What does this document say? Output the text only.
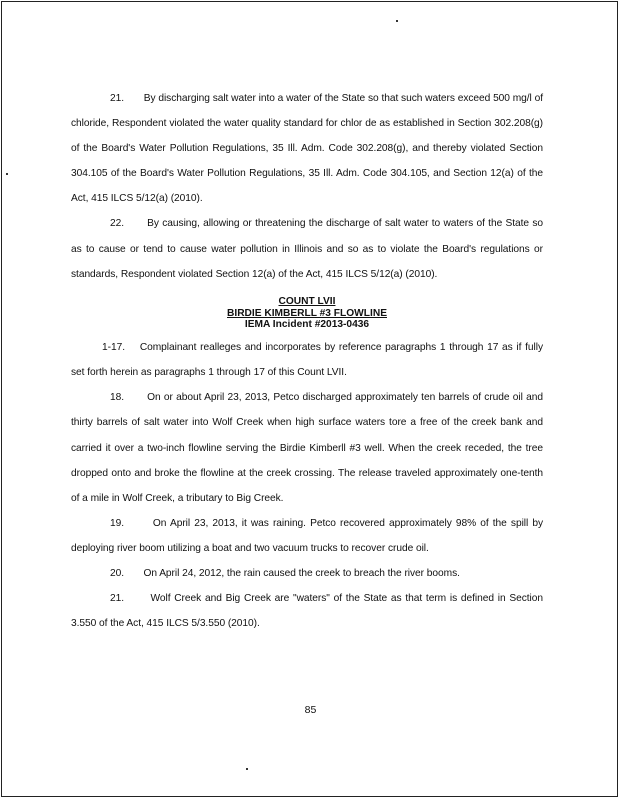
21. By discharging salt water into a water of the State so that such waters exceed 500 mg/l of chloride, Respondent violated the water quality standard for chlor de as established in Section 302.208(g) of the Board's Water Pollution Regulations, 35 Ill. Adm. Code 302.208(g), and thereby violated Section 304.105 of the Board's Water Pollution Regulations, 35 Ill. Adm. Code 304.105, and Section 12(a) of the Act, 415 ILCS 5/12(a) (2010).

22. By causing, allowing or threatening the discharge of salt water to waters of the State so as to cause or tend to cause water pollution in Illinois and so as to violate the Board's regulations or standards, Respondent violated Section 12(a) of the Act, 415 ILCS 5/12(a) (2010).

COUNT LVII
BIRDIE KIMBERLL #3 FLOWLINE
IEMA Incident #2013-0436

1-17. Complainant realleges and incorporates by reference paragraphs 1 through 17 as if fully set forth herein as paragraphs 1 through 17 of this Count LVII.

18. On or about April 23, 2013, Petco discharged approximately ten barrels of crude oil and thirty barrels of salt water into Wolf Creek when high surface waters tore a free of the creek bank and carried it over a two-inch flowline serving the Birdie Kimberll #3 well. When the creek receded, the tree dropped onto and broke the flowline at the creek crossing. The release traveled approximately one-tenth of a mile in Wolf Creek, a tributary to Big Creek.

19.	On April 23, 2013, it was raining. Petco recovered approximately 98% of the spill by deploying river boom utilizing a boat and two vacuum trucks to recover crude oil.

20. On April 24, 2012, the rain caused the creek to breach the river booms.

21.	Wolf Creek and Big Creek are "waters" of the State as that term is defined in Section 3.550 of the Act, 415 ILCS 5/3.550 (2010).

85
